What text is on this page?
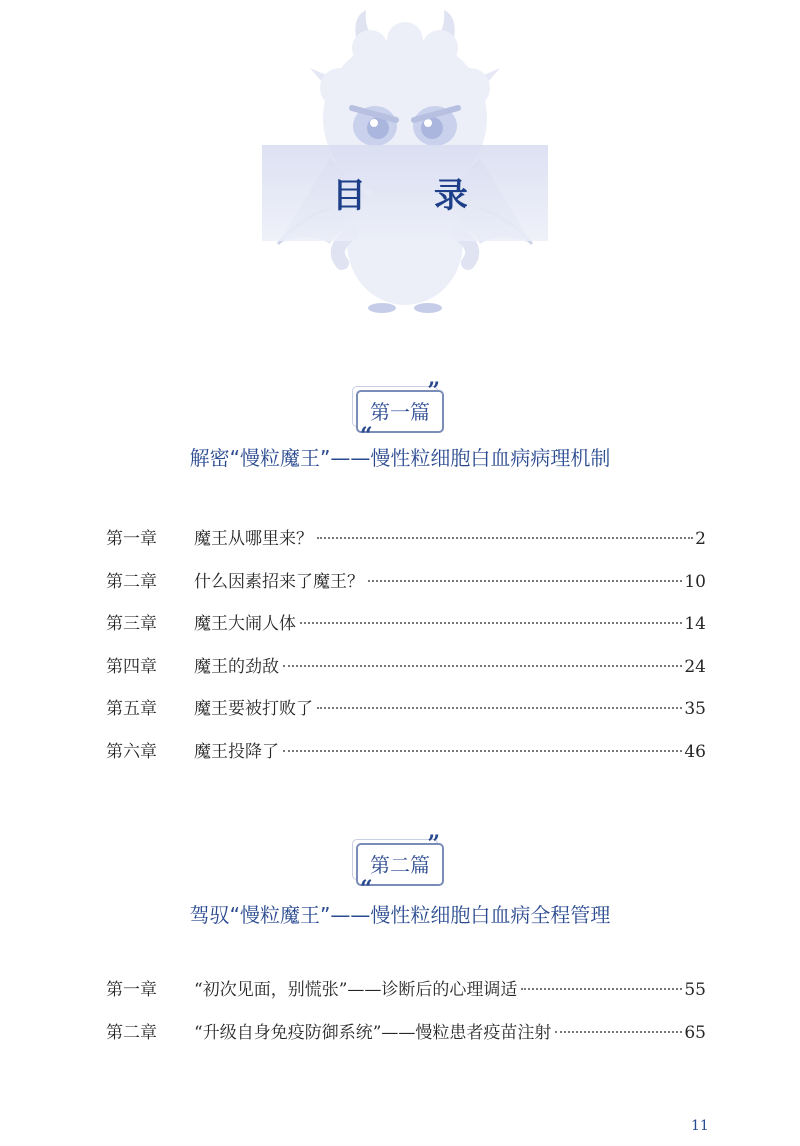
目 录
”
第一篇
“
解密“慢粒魔王”——慢性粒细胞白血病病理机制
第一章	魔王从哪里来？	2
第二章	什么因素招来了魔王？	10
第三章	魔王大闹人体	14
第四章	魔王的劲敌	24
第五章	魔王要被打败了	35
第六章	魔王投降了	46
”
第二篇
“
驾驭“慢粒魔王”——慢性粒细胞白血病全程管理
第一章	“初次见面，别慌张”——诊断后的心理调适	55
第二章	“升级自身免疫防御系统”——慢粒患者疫苗注射	65
11
